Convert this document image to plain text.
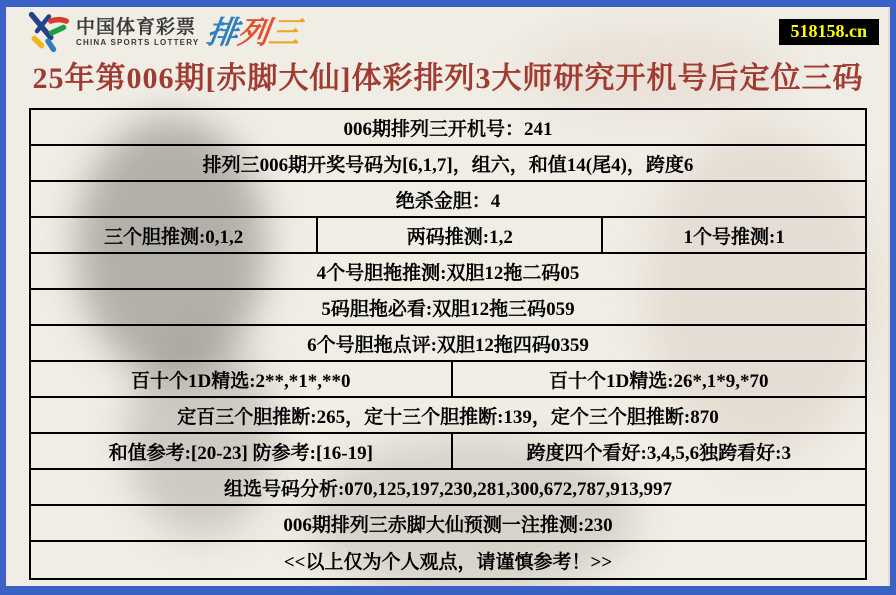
中国体育彩票
CHINA SPORTS LOTTERY 排
列
三	518158.cn
25年第006期[赤脚大仙]体彩排列3大师研究开机号后定位三码
006期排列三开机号：241
排列三006期开奖号码为[6,1,7]，组六，和值14(尾4)，跨度6
绝杀金胆：4
三个胆推测:0,1,2	两码推测:1,2	1个号推测:1
4个号胆拖推测:双胆12拖二码05
5码胆拖必看:双胆12拖三码059
6个号胆拖点评:双胆12拖四码0359
百十个1D精选:2**,*1*,**0	百十个1D精选:26*,1*9,*70
定百三个胆推断:265，定十三个胆推断:139，定个三个胆推断:870
和值参考:[20-23] 防参考:[16-19]	跨度四个看好:3,4,5,6独跨看好:3
组选号码分析:070,125,197,230,281,300,672,787,913,997
006期排列三赤脚大仙预测一注推测:230
<<以上仅为个人观点，请谨慎参考！>>
